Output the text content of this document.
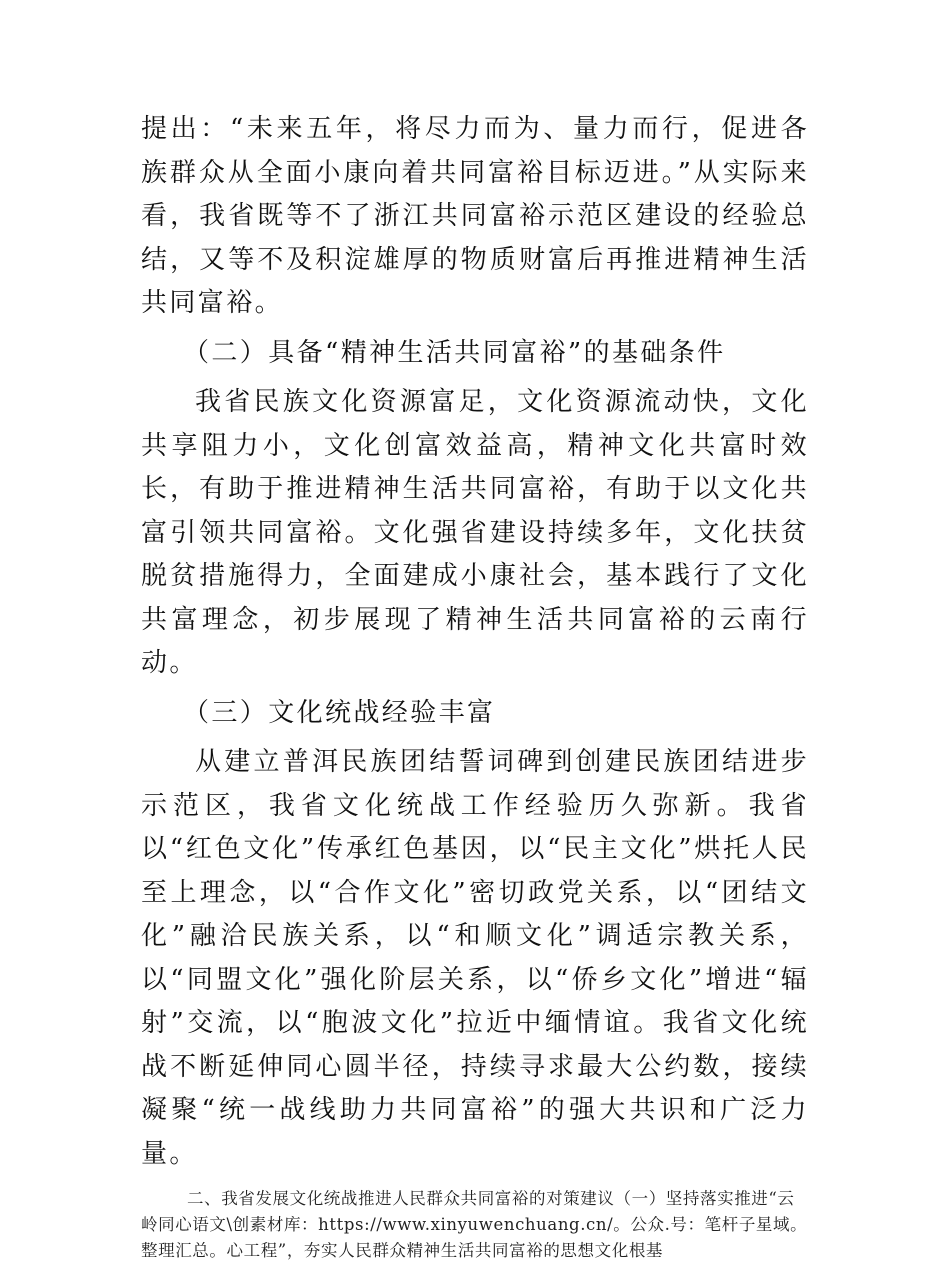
提出：“未来五年，将尽力而为、量力而行，促进各族群众从全面小康向着共同富裕目标迈进。”从实际来看，我省既等不了浙江共同富裕示范区建设的经验总结，又等不及积淀雄厚的物质财富后再推进精神生活共同富裕。

（二）具备“精神生活共同富裕”的基础条件

我省民族文化资源富足，文化资源流动快，文化共享阻力小，文化创富效益高，精神文化共富时效长，有助于推进精神生活共同富裕，有助于以文化共富引领共同富裕。文化强省建设持续多年，文化扶贫脱贫措施得力，全面建成小康社会，基本践行了文化共富理念，初步展现了精神生活共同富裕的云南行动。

（三）文化统战经验丰富

从建立普洱民族团结誓词碑到创建民族团结进步示范区，我省文化统战工作经验历久弥新。我省以“红色文化”传承红色基因，以“民主文化”烘托人民至上理念，以“合作文化”密切政党关系，以“团结文化”融洽民族关系，以“和顺文化”调适宗教关系，以“同盟文化”强化阶层关系，以“侨乡文化”增进“辐射”交流，以“胞波文化”拉近中缅情谊。我省文化统战不断延伸同心圆半径，持续寻求最大公约数，接续凝聚“统一战线助力共同富裕”的强大共识和广泛力量。

二、我省发展文化统战推进人民群众共同富裕的对策建议（一）坚持落实推进“云岭同心语文\创素材库：https://www.xinyuwenchuang.cn/。公众.号：笔杆子星域。整理汇总。心工程”，夯实人民群众精神生活共同富裕的思想文化根基
